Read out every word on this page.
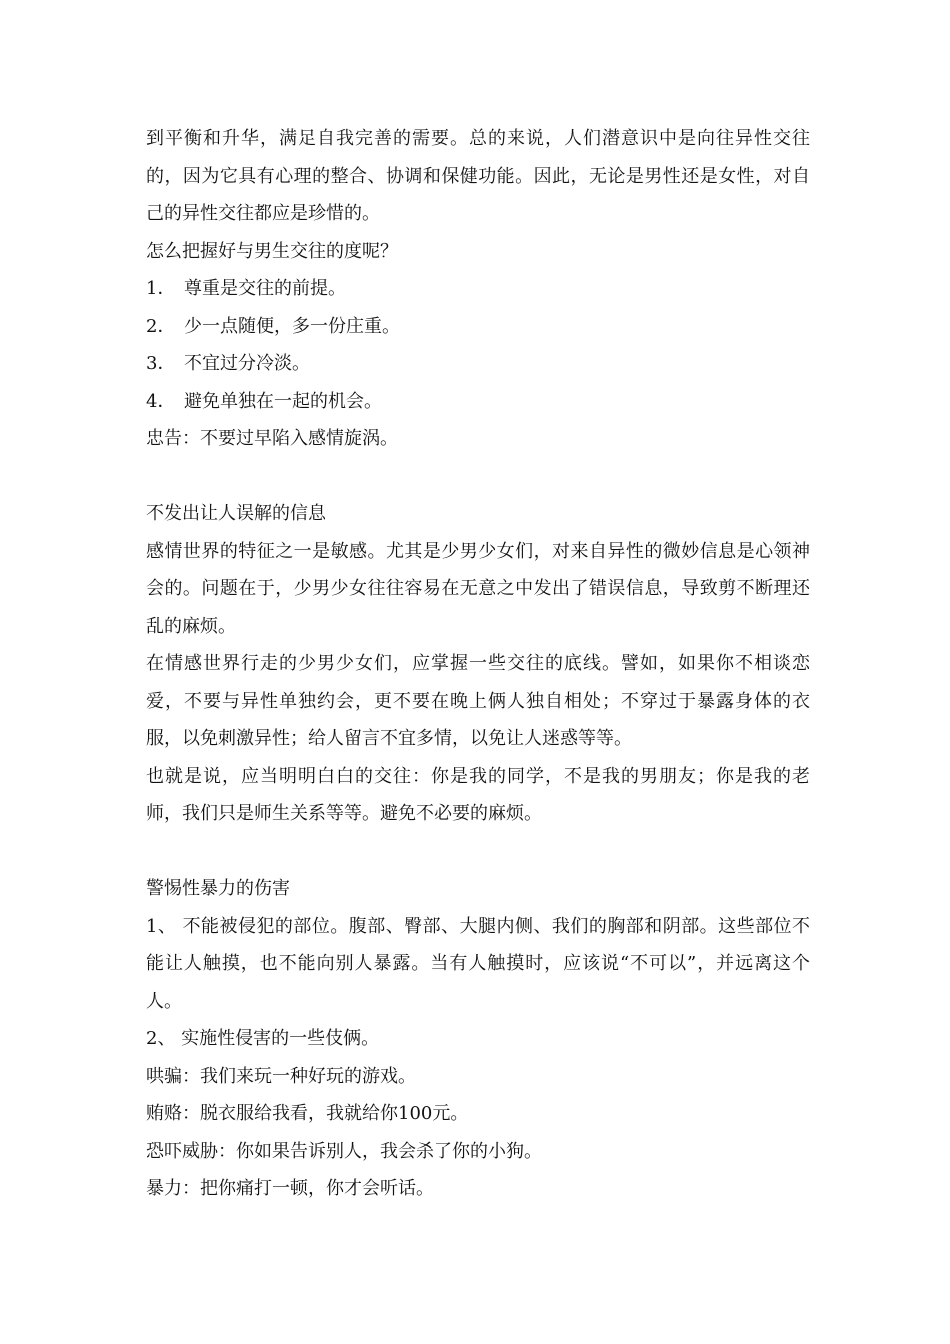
到平衡和升华，满足自我完善的需要。总的来说，人们潜意识中是向往异性交往的，因为它具有心理的整合、协调和保健功能。因此，无论是男性还是女性，对自己的异性交往都应是珍惜的。

怎么把握好与男生交往的度呢？

1． 尊重是交往的前提。
2． 少一点随便，多一份庄重。
3． 不宜过分冷淡。
4． 避免单独在一起的机会。

忠告：不要过早陷入感情旋涡。

不发出让人误解的信息

感情世界的特征之一是敏感。尤其是少男少女们，对来自异性的微妙信息是心领神会的。问题在于，少男少女往往容易在无意之中发出了错误信息，导致剪不断理还乱的麻烦。

在情感世界行走的少男少女们，应掌握一些交往的底线。譬如，如果你不相谈恋爱，不要与异性单独约会，更不要在晚上俩人独自相处；不穿过于暴露身体的衣服，以免刺激异性；给人留言不宜多情，以免让人迷惑等等。

也就是说，应当明明白白的交往：你是我的同学，不是我的男朋友；你是我的老师，我们只是师生关系等等。避免不必要的麻烦。

警惕性暴力的伤害

1、 不能被侵犯的部位。腹部、臀部、大腿内侧、我们的胸部和阴部。这些部位不能让人触摸，也不能向别人暴露。当有人触摸时，应该说“不可以”，并远离这个人。

2、 实施性侵害的一些伎俩。

哄骗：我们来玩一种好玩的游戏。

贿赂：脱衣服给我看，我就给你100元。

恐吓威胁：你如果告诉别人，我会杀了你的小狗。

暴力：把你痛打一顿，你才会听话。
